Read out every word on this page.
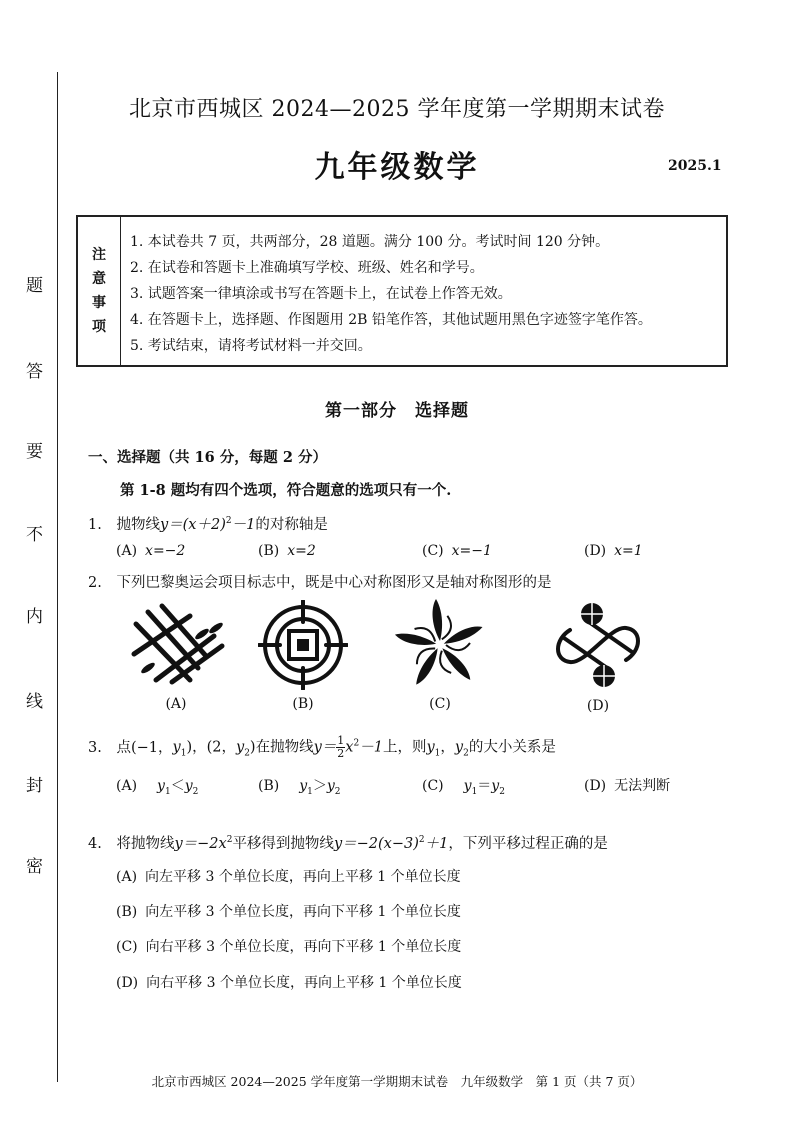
题
答
要
不
内
线
封
密
北京市西城区 2024—2025 学年度第一学期期末试卷
九年级数学	2025.1
注
意
事
项
1. 本试卷共 7 页，共两部分，28 道题。满分 100 分。考试时间 120 分钟。
2. 在试卷和答题卡上准确填写学校、班级、姓名和学号。
3. 试题答案一律填涂或书写在答题卡上，在试卷上作答无效。
4. 在答题卡上，选择题、作图题用 2B 铅笔作答，其他试题用黑色字迹签字笔作答。
5. 考试结束，请将考试材料一并交回。
第一部分　选择题
一、选择题（共 16 分，每题 2 分）
第 1-8 题均有四个选项，符合题意的选项只有一个.
1. 抛物线$y=(x+2)^2-1$的对称轴是
(A) x=−2	(B) x=2	(C) x=−1	(D) x=1
2. 下列巴黎奥运会项目标志中，既是中心对称图形又是轴对称图形的是
(A)	(B)	(C)	(D)
3. 点(−1，$y_1$)，(2，$y_2$)在抛物线$y= \frac{1}{2} x^2-1$上，则$y_1$，$y_2$的大小关系是
(A) $y_1<y_2$	(B) $y_1>y_2$	(C) $y_1=y_2$	(D) 无法判断
4. 将抛物线$y=-2x^2$平移得到抛物线$y=-2(x-3)^2+1$，下列平移过程正确的是
(A) 向左平移 3 个单位长度，再向上平移 1 个单位长度
(B) 向左平移 3 个单位长度，再向下平移 1 个单位长度
(C) 向右平移 3 个单位长度，再向下平移 1 个单位长度
(D) 向右平移 3 个单位长度，再向上平移 1 个单位长度
北京市西城区 2024—2025 学年度第一学期期末试卷　九年级数学　第 1 页（共 7 页）
